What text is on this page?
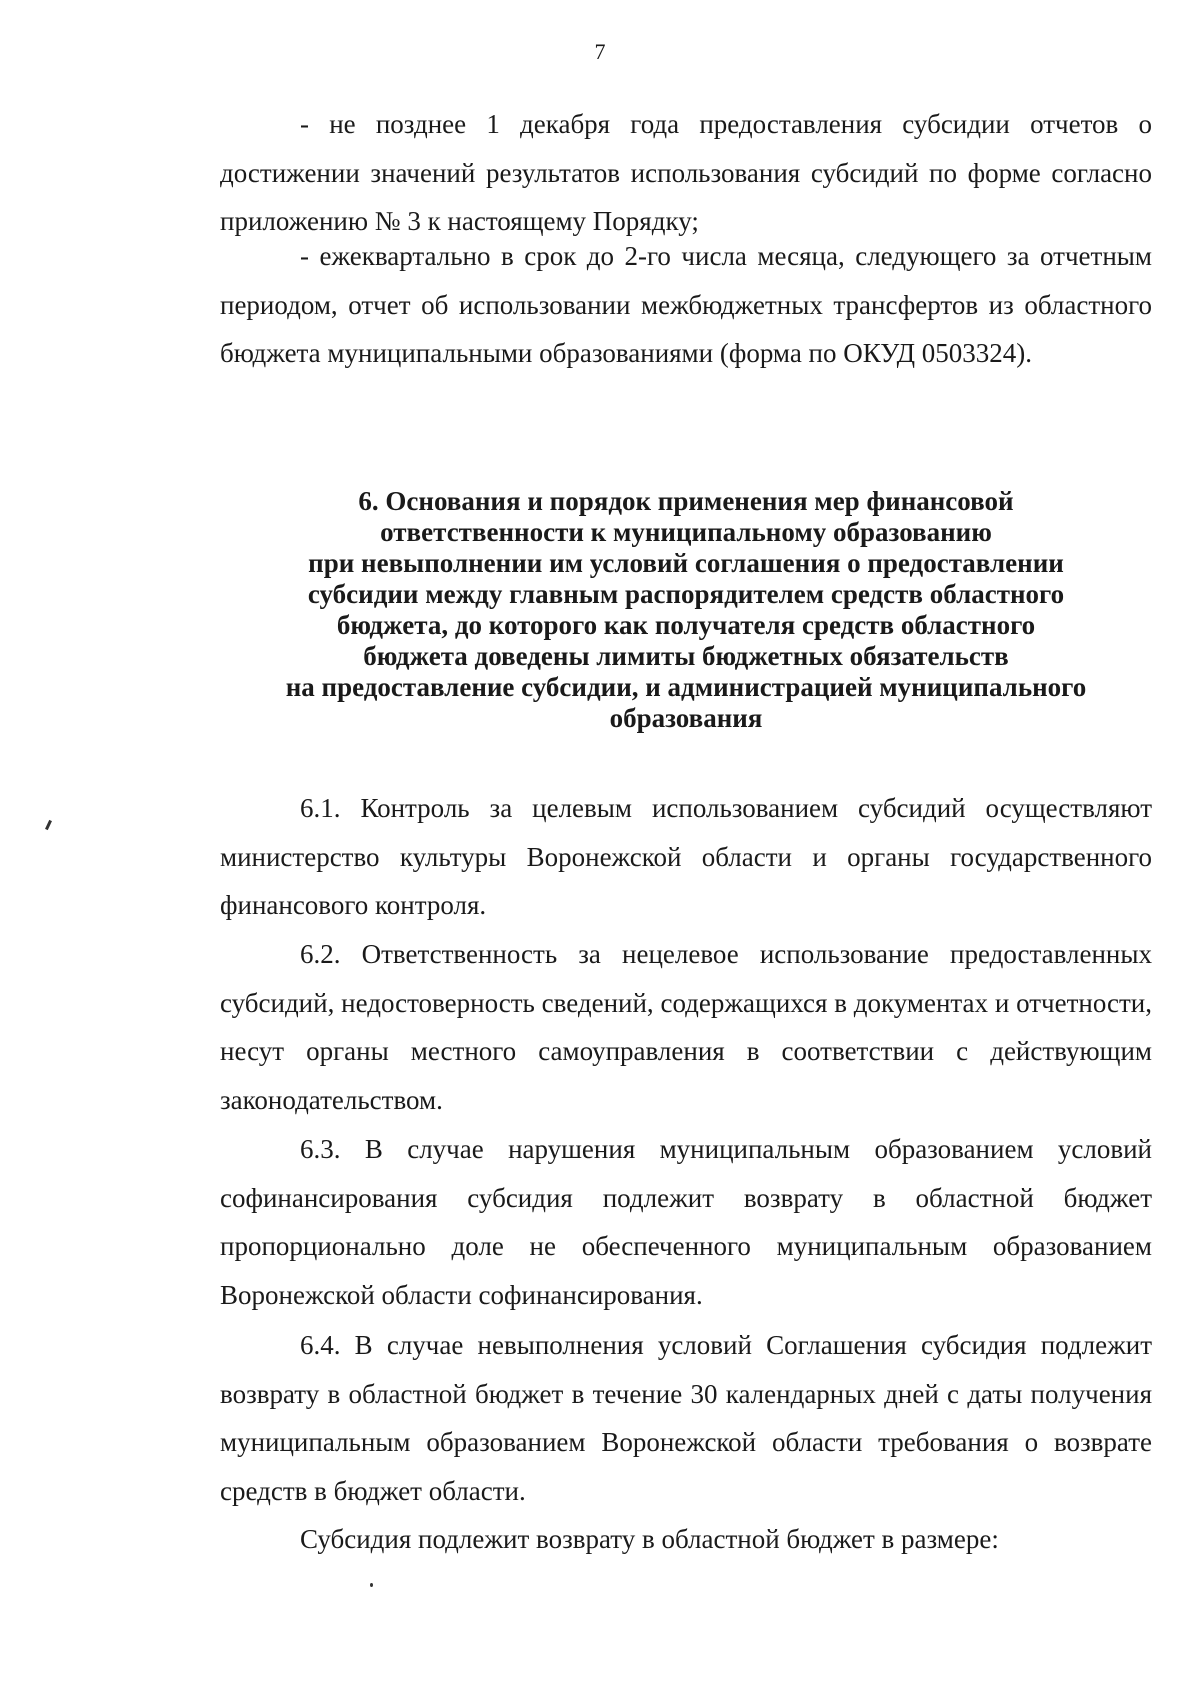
7

- не позднее 1 декабря года предоставления субсидии отчетов о достижении значений результатов использования субсидий по форме согласно приложению № 3 к настоящему Порядку;

- ежеквартально в срок до 2-го числа месяца, следующего за отчетным периодом, отчет об использовании межбюджетных трансфертов из областного бюджета муниципальными образованиями (форма по ОКУД 0503324).

6. Основания и порядок применения мер финансовой
ответственности к муниципальному образованию
при невыполнении им условий соглашения о предоставлении
субсидии между главным распорядителем средств областного
бюджета, до которого как получателя средств областного
бюджета доведены лимиты бюджетных обязательств
на предоставление субсидии, и администрацией муниципального
образования

6.1. Контроль за целевым использованием субсидий осуществляют министерство культуры Воронежской области и органы государственного финансового контроля.

6.2. Ответственность за нецелевое использование предоставленных субсидий, недостоверность сведений, содержащихся в документах и отчетности, несут органы местного самоуправления в соответствии с действующим законодательством.

6.3. В случае нарушения муниципальным образованием условий софинансирования субсидия подлежит возврату в областной бюджет пропорционально доле не обеспеченного муниципальным образованием Воронежской области софинансирования.

6.4. В случае невыполнения условий Соглашения субсидия подлежит возврату в областной бюджет в течение 30 календарных дней с даты получения муниципальным образованием Воронежской области требования о возврате средств в бюджет области.

Субсидия подлежит возврату в областной бюджет в размере:
